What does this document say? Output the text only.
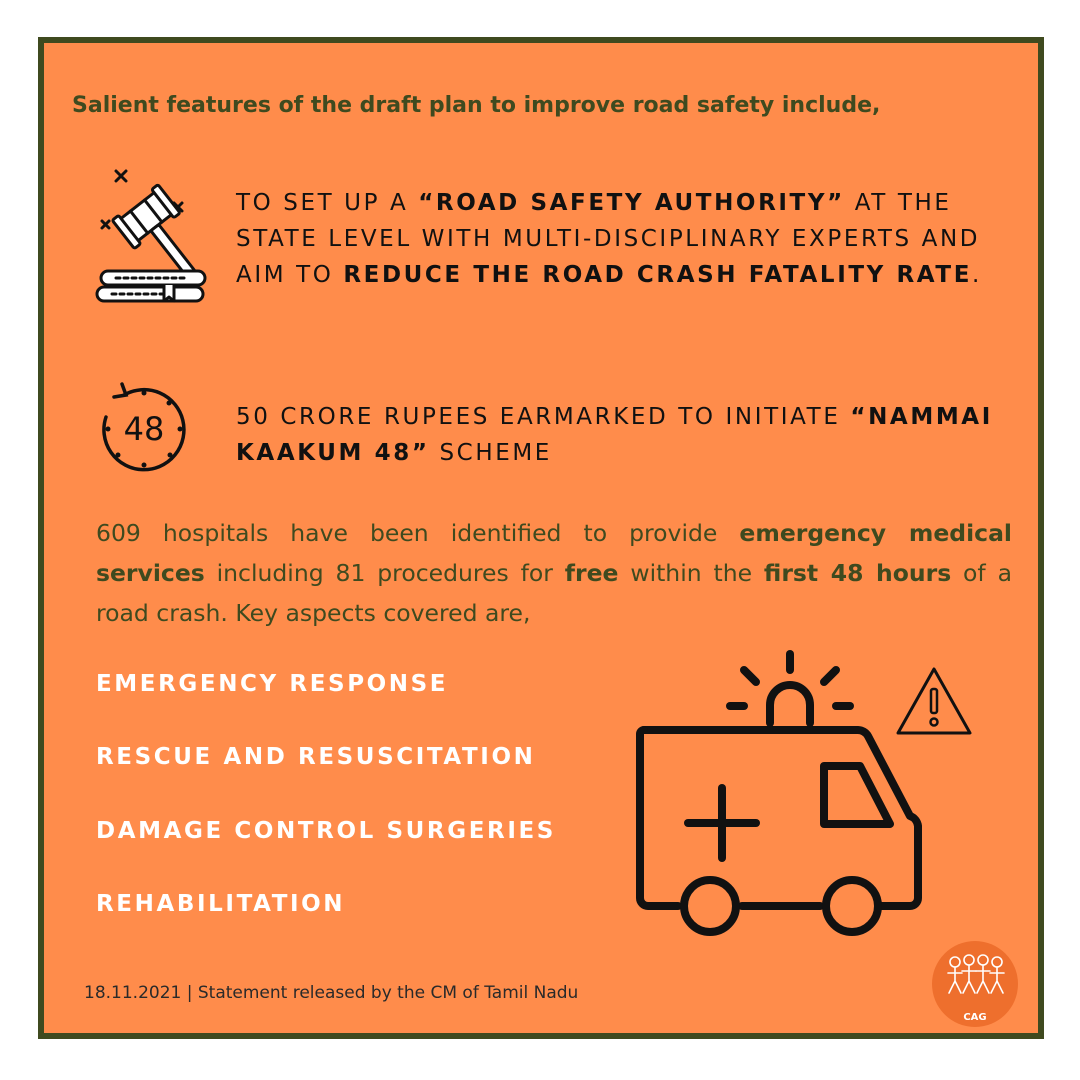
Salient features of the draft plan to improve road safety include,
TO SET UP A “ROAD SAFETY AUTHORITY” AT THE STATE LEVEL WITH MULTI-DISCIPLINARY EXPERTS AND AIM TO REDUCE THE ROAD CRASH FATALITY RATE.
48	50 CRORE RUPEES EARMARKED TO INITIATE “NAMMAI KAAKUM 48” SCHEME
609 hospitals have been identified to provide emergency medical services including 81 procedures for free within the first 48 hours of a road crash. Key aspects covered are,
EMERGENCY RESPONSE
RESCUE AND RESUSCITATION
DAMAGE CONTROL SURGERIES
REHABILITATION
18.11.2021 | Statement released by the CM of Tamil Nadu
CAG
